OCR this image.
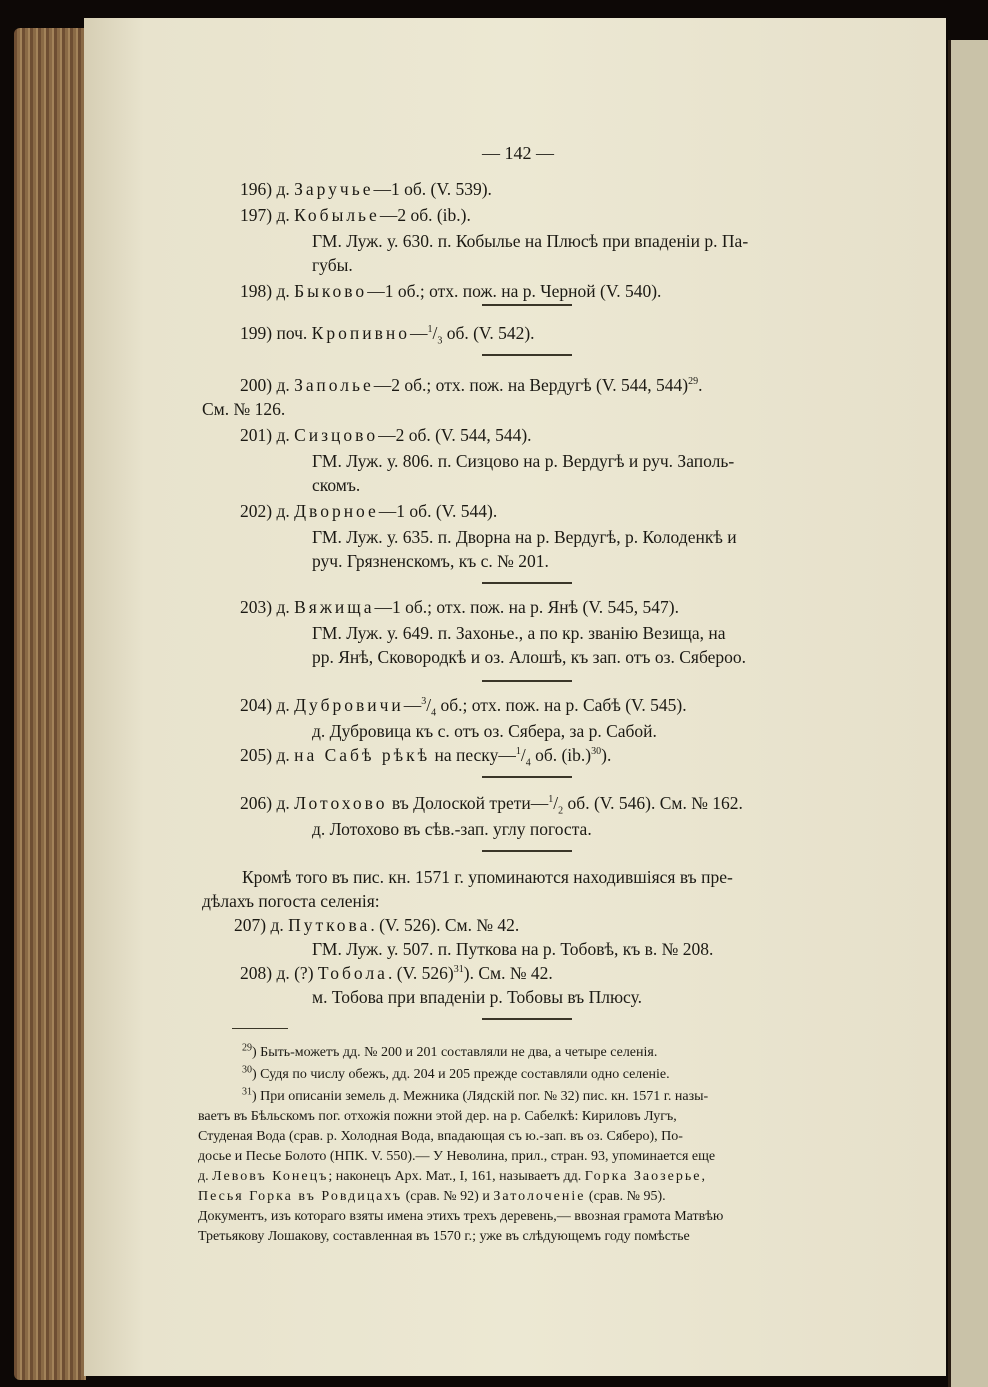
— 142 —
196) д. Заручье—1 об. (V. 539).
197) д. Кобылье—2 об. (ib.).
ГМ. Луж. у. 630. п. Кобылье на Плюсѣ при впаденіи р. Па-
губы.
198) д. Быково—1 об.; отх. пож. на р. Черной (V. 540).
199) поч. $Кропивно—^1/_3$ об. (V. 542).
200) д. Заполье—2 об.; отх. пож. на Вердугѣ (V. 544, 544)$^{29}$.
См. № 126.
201) д. Сизцово—2 об. (V. 544, 544).
ГМ. Луж. у. 806. п. Сизцово на р. Вердугѣ и руч. Заполь-
скомъ.
202) д. Дворное—1 об. (V. 544).
ГМ. Луж. у. 635. п. Дворна на р. Вердугѣ, р. Колоденкѣ и
руч. Грязненскомъ, къ с. № 201.
203) д. Вяжища—1 об.; отх. пож. на р. Янѣ (V. 545, 547).
ГМ. Луж. у. 649. п. Захонье., а по кр. званію Везища, на
рр. Янѣ, Сковородкѣ и оз. Алошѣ, къ зап. отъ оз. Сябероо.
204) д. $Дубровичи—^3/_4$ об.; отх. пож. на р. Сабѣ (V. 545).
д. Дубровица къ с. отъ оз. Сябера, за р. Сабой.
205) д. на Сабѣ рѣкѣ на $песку—^1/_4$ об. $(ib.)^{30}$).
206) д. Лотохово въ Долоской $трети—^1/_2$ об. (V. 546). См. № 162.
д. Лотохово въ сѣв.-зап. углу погоста.
Кромѣ того въ пис. кн. 1571 г. упоминаются находившіяся въ пре-
дѣлахъ погоста селенія:
207) д. Путкова. (V. 526). См. № 42.
ГМ. Луж. у. 507. п. Путкова на р. Тобовѣ, къ в. № 208.
208) д. (?) Тобола. (V. 526)$^{31}$). См. № 42.
м. Тобова при впаденіи р. Тобовы въ Плюсу.
$^{29}$) Быть-можетъ дд. № 200 и 201 составляли не два, а четыре селенія.
$^{30}$) Судя по числу обежъ, дд. 204 и 205 прежде составляли одно селеніе.
$^{31}$) При описаніи земель д. Межника (Лядскій пог. № 32) пис. кн. 1571 г. назы-
ваетъ въ Бѣльскомъ пог. отхожія пожни этой дер. на р. Сабелкѣ: Кириловъ Лугъ,
Студеная Вода (срав. р. Холодная Вода, впадающая съ ю.-зап. въ оз. Сяберо), По-
досье и Песье Болото (НПК. V. 550).— У Неволина, прил., стран. 93, упоминается еще
д. Левовъ Конецъ; наконецъ Арх. Мат., I, 161, называетъ дд. Горка Заозерье,
Песья Горка въ Ровдицахъ (срав. № 92) и Затолоченіе (срав. № 95).
Документъ, изъ котораго взяты имена этихъ трехъ деревень,— ввозная грамота Матвѣю
Третьякову Лошакову, составленная въ 1570 г.; уже въ слѣдующемъ году помѣстье
